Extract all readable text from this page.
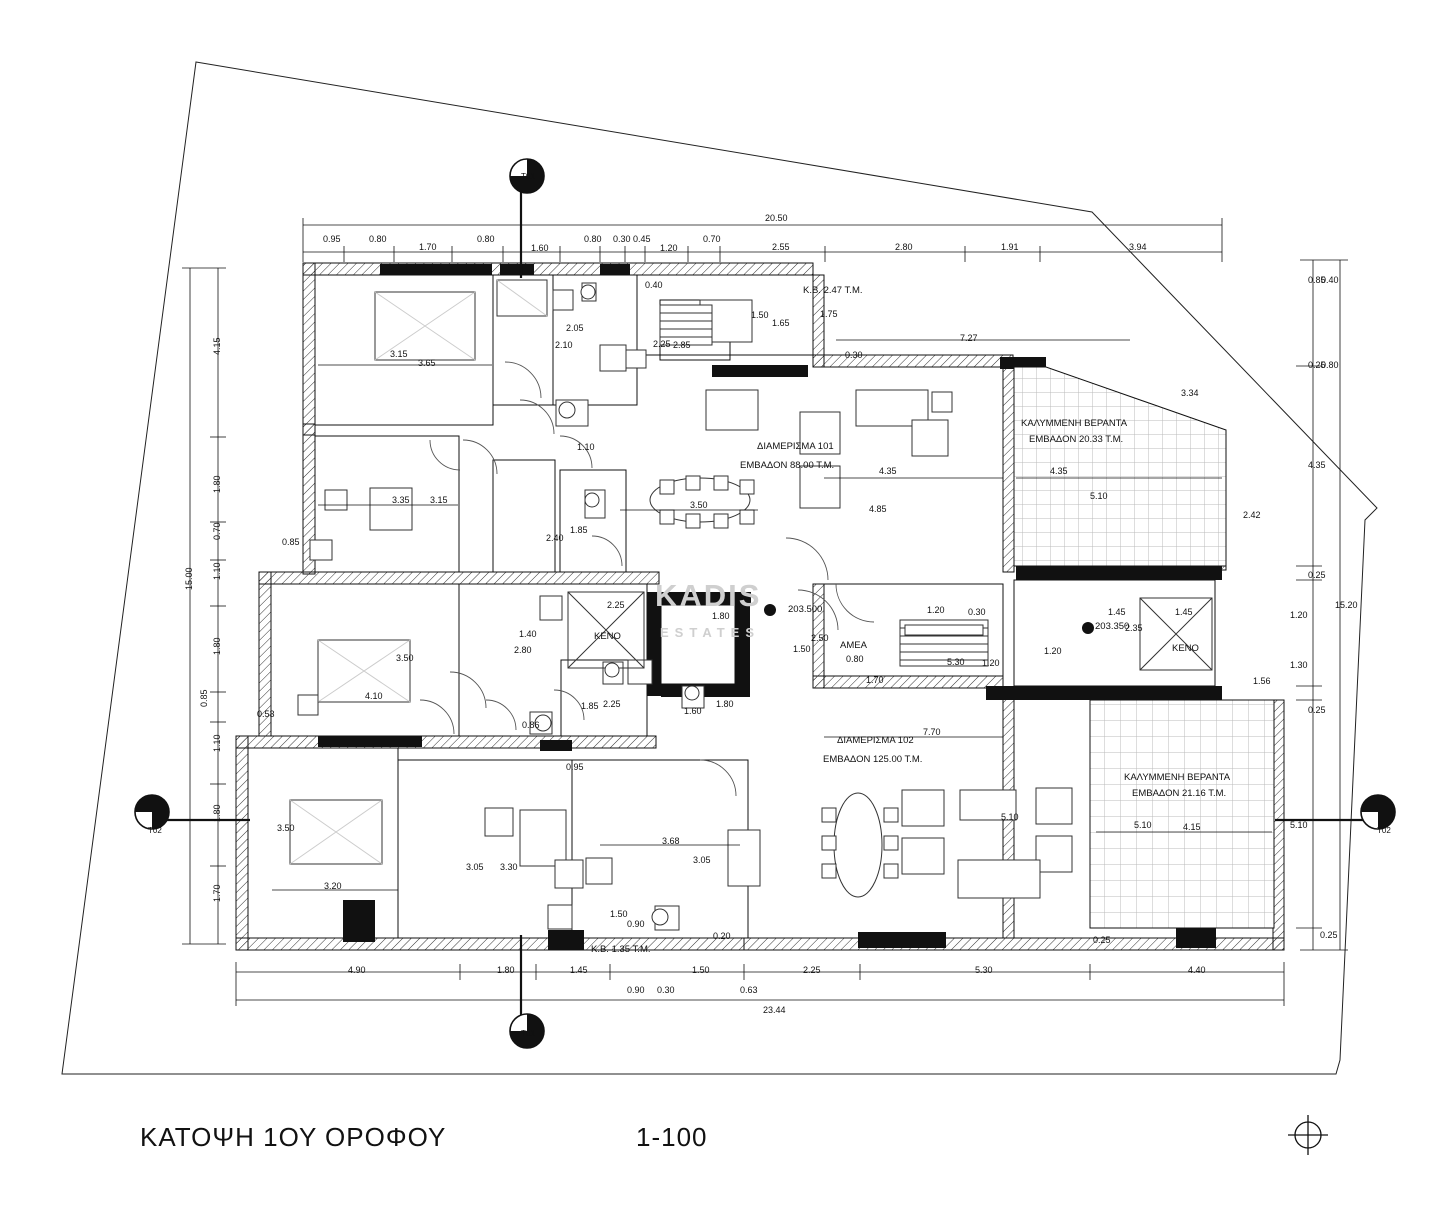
KADIS
ESTATES
ΚΑΤΟΨΗ 1ΟΥ ΟΡΟΦΟΥ	1-100
ΔΙΑΜΕΡΙΣΜΑ 101
ΕΜΒΑΔΟΝ 88.00 Τ.Μ.
ΔΙΑΜΕΡΙΣΜΑ 102
ΕΜΒΑΔΟΝ 125.00 Τ.Μ.
ΚΑΛΥΜΜΕΝΗ ΒΕΡΑΝΤΑ
ΕΜΒΑΔΟΝ 20.33 Τ.Μ.
ΚΑΛΥΜΜΕΝΗ ΒΕΡΑΝΤΑ
ΕΜΒΑΔΟΝ 21.16 Τ.Μ.
Κ.Β. 2.47 Τ.Μ.
Κ.Β. 1.35 Τ.Μ.
KENO
KENO
AMEA
203.500
203.350
20.50
0.95	0.80
1.70
0.80
1.60
0.80 0.30 0.45
1.20
0.70
2.55	2.80	1.91	3.94
4.90	1.80	1.45	1.50	2.25	5.30	4.40
0.90 0.30	0.63
23.44
3.15
3.65
2.05
2.10	2.25
1.50
3.35 3.15
0.85	2.40
1.85
3.50
4.35
4.85
4.35
5.10
7.27
0.30
2.25
1.40
2.80
3.50
4.10
0.53
0.86
1.85 2.25
1.60
1.80
0.95
3.50
3.20
3.05 3.30
3.68
3.05
1.50
0.90
0.20
7.70
1.80
1.50
2.50
0.80
1.70
1.20	0.30
5.30 1.20
1.20
1.45	1.45
1.56
4.15
5.10
0.40
1.75
0.25
15.20
0.40
0.85
0.80
0.25
4.35
0.25
1.20
1.30
0.25
5.10
0.25
2.42
3.34
2.35
5.10
1.65
2.85
1.10
15.00
4.15
1.80
0.70
1.10
1.80
0.85
1.10
1.80
1.70
T01
T01
T02	T02
